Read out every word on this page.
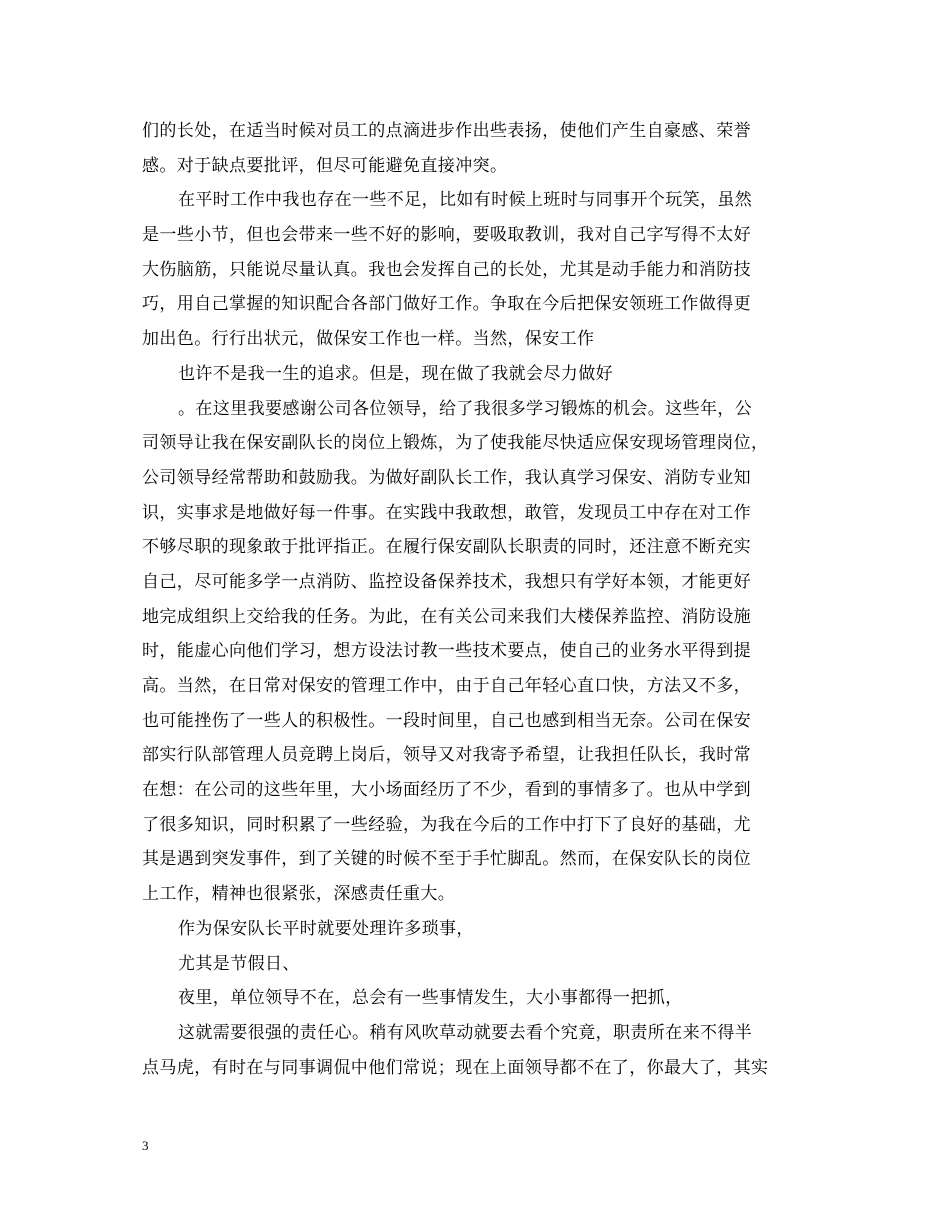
们的长处，在适当时候对员工的点滴进步作出些表扬，使他们产生自豪感、荣誉
感。对于缺点要批评，但尽可能避免直接冲突。
在平时工作中我也存在一些不足，比如有时候上班时与同事开个玩笑，虽然
是一些小节，但也会带来一些不好的影响，要吸取教训，我对自己字写得不太好
大伤脑筋，只能说尽量认真。我也会发挥自己的长处，尤其是动手能力和消防技
巧，用自己掌握的知识配合各部门做好工作。争取在今后把保安领班工作做得更
加出色。行行出状元，做保安工作也一样。当然，保安工作
也许不是我一生的追求。但是，现在做了我就会尽力做好
。在这里我要感谢公司各位领导，给了我很多学习锻炼的机会。这些年，公
司领导让我在保安副队长的岗位上锻炼，为了使我能尽快适应保安现场管理岗位，
公司领导经常帮助和鼓励我。为做好副队长工作，我认真学习保安、消防专业知
识，实事求是地做好每一件事。在实践中我敢想，敢管，发现员工中存在对工作
不够尽职的现象敢于批评指正。在履行保安副队长职责的同时，还注意不断充实
自己，尽可能多学一点消防、监控设备保养技术，我想只有学好本领，才能更好
地完成组织上交给我的任务。为此，在有关公司来我们大楼保养监控、消防设施
时，能虚心向他们学习，想方设法讨教一些技术要点，使自己的业务水平得到提
高。当然，在日常对保安的管理工作中，由于自己年轻心直口快，方法又不多，
也可能挫伤了一些人的积极性。一段时间里，自己也感到相当无奈。公司在保安
部实行队部管理人员竞聘上岗后，领导又对我寄予希望，让我担任队长，我时常
在想：在公司的这些年里，大小场面经历了不少，看到的事情多了。也从中学到
了很多知识，同时积累了一些经验，为我在今后的工作中打下了良好的基础，尤
其是遇到突发事件，到了关键的时候不至于手忙脚乱。然而，在保安队长的岗位
上工作，精神也很紧张，深感责任重大。
作为保安队长平时就要处理许多琐事，
尤其是节假日、
夜里，单位领导不在，总会有一些事情发生，大小事都得一把抓，
这就需要很强的责任心。稍有风吹草动就要去看个究竟，职责所在来不得半
点马虎，有时在与同事调侃中他们常说；现在上面领导都不在了，你最大了，其实
3
